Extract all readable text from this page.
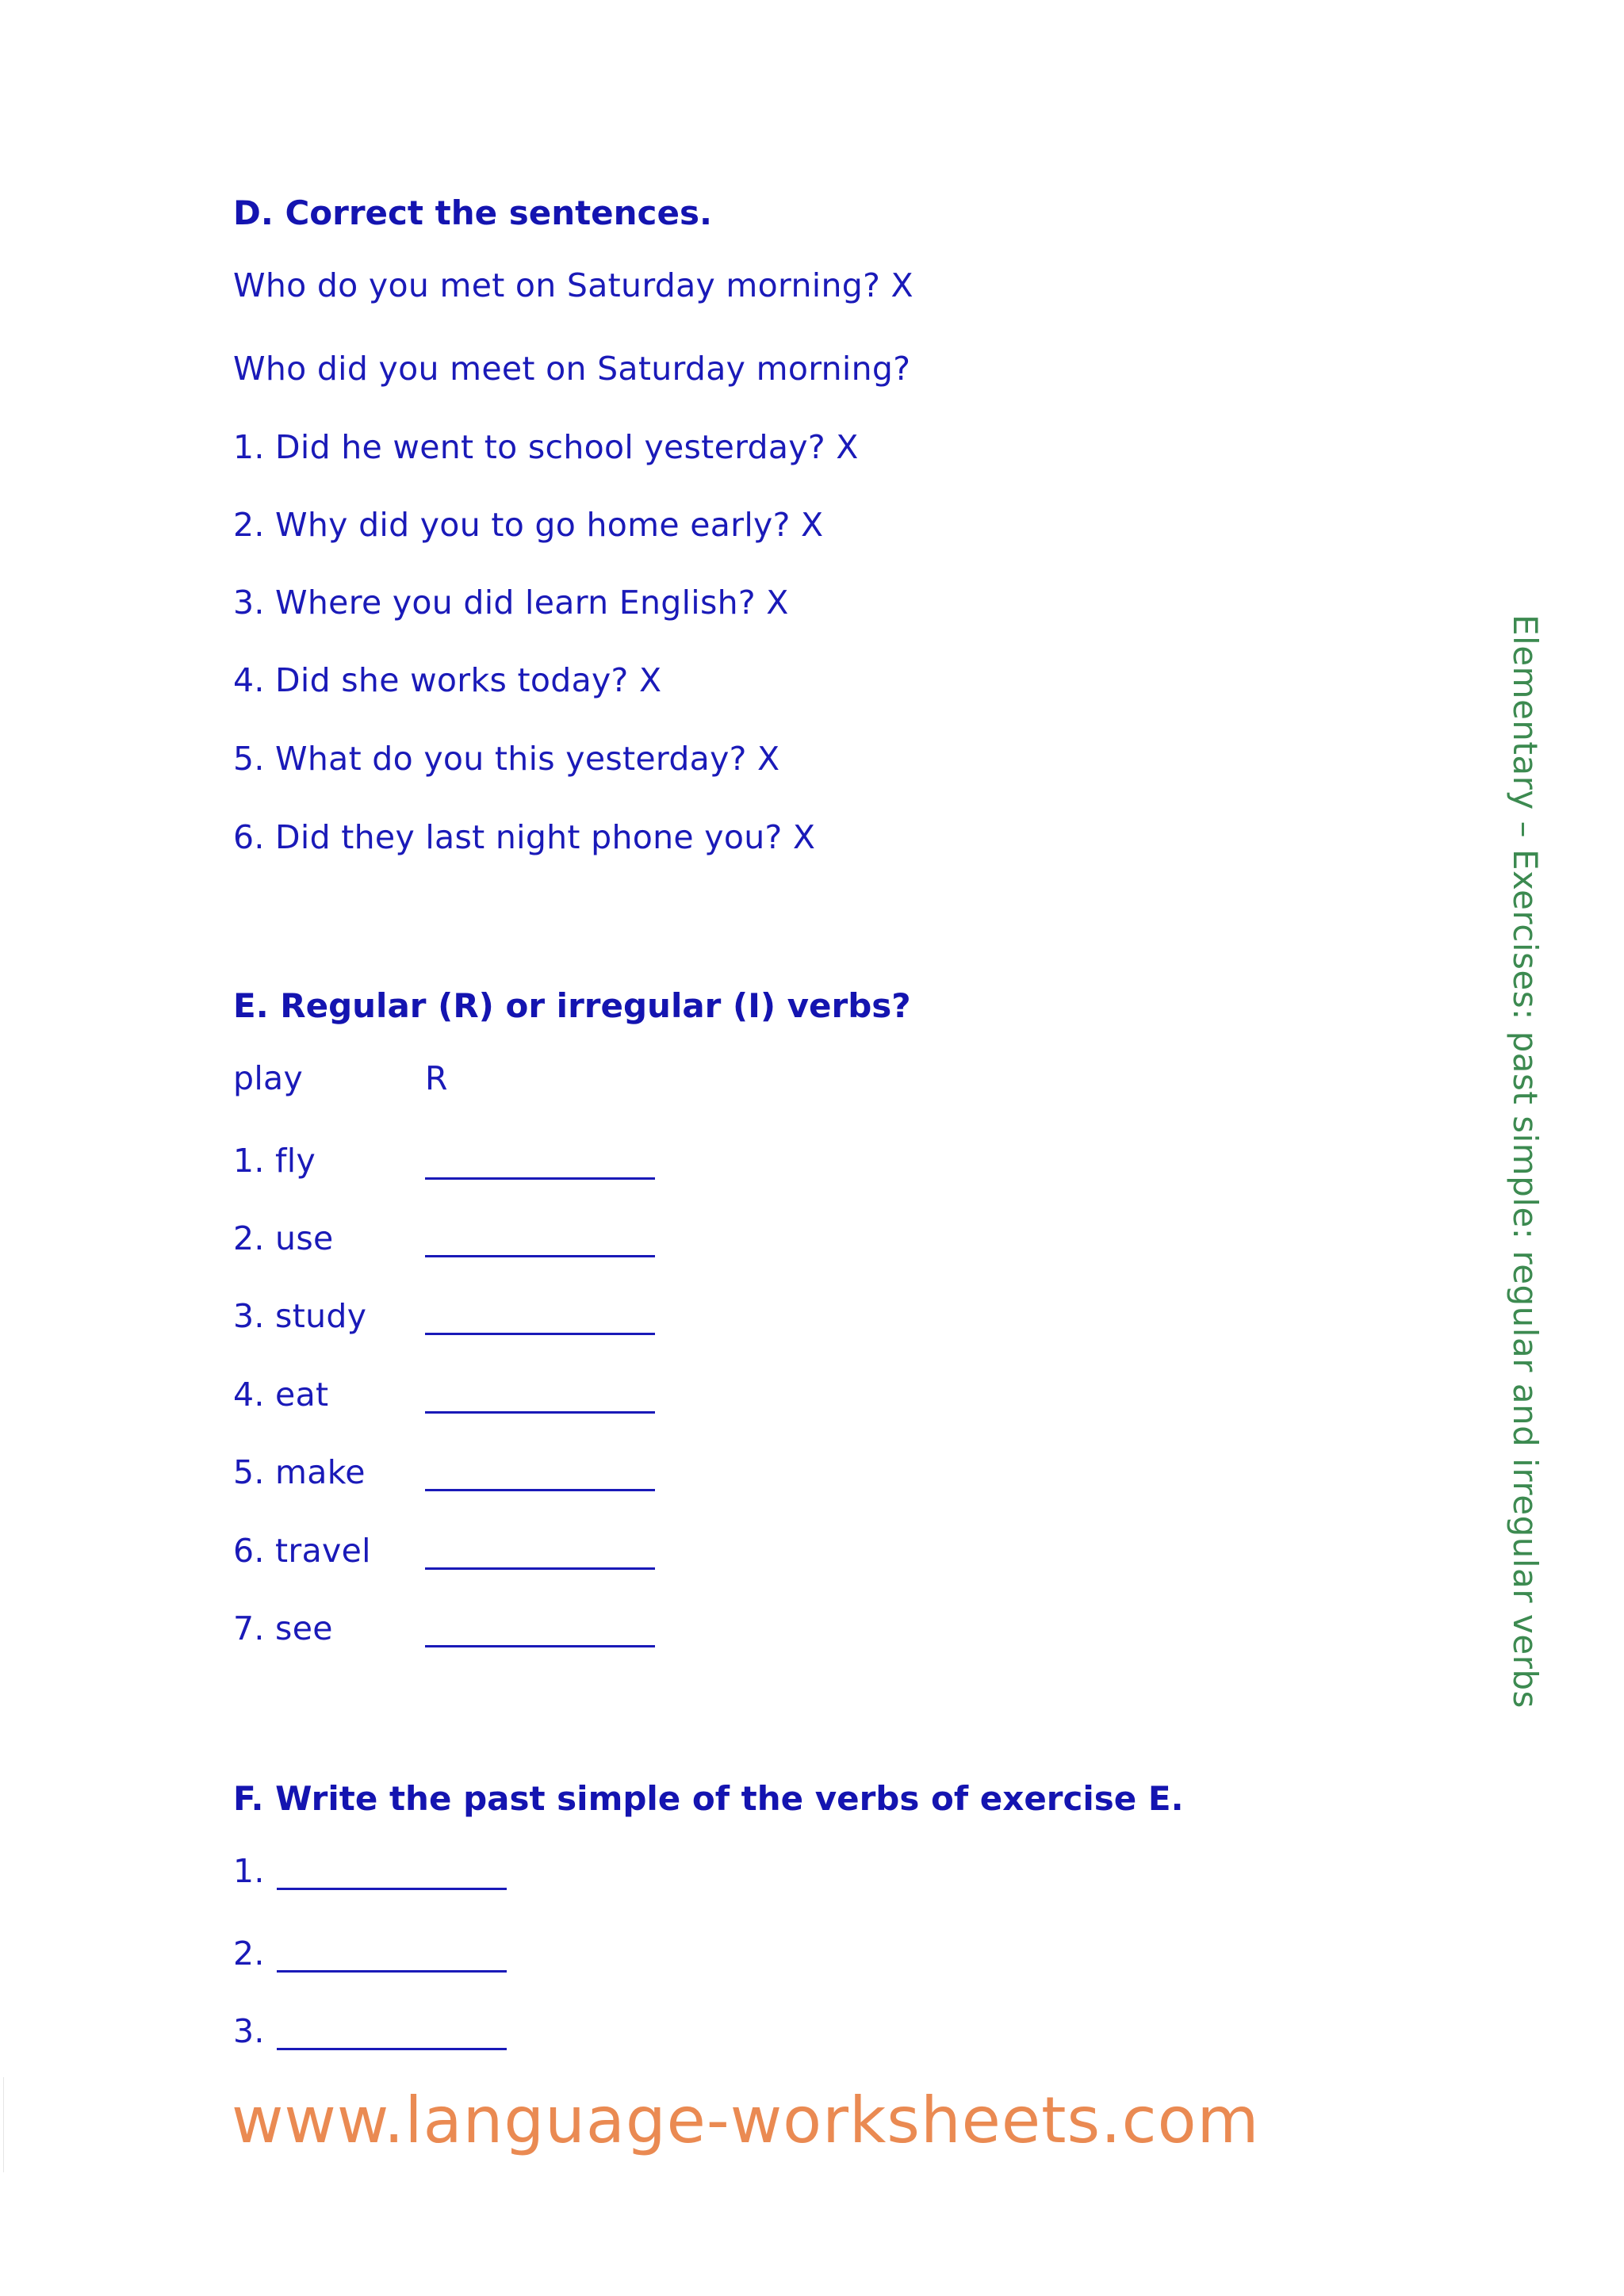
D. Correct the sentences.
Who do you met on Saturday morning? X
Who did you meet on Saturday morning?
1. Did he went to school yesterday? X
2. Why did you to go home early? X
3. Where you did learn English? X
4. Did she works today? X
5. What do you this yesterday? X
6. Did they last night phone you? X
E. Regular (R) or irregular (I) verbs?
play	R
1. fly
2. use
3. study
4. eat
5. make
6. travel
7. see
F. Write the past simple of the verbs of exercise E.
1.
2.
3.
Elementary – Exercises: past simple: regular and irregular verbs
www.language-worksheets.com
